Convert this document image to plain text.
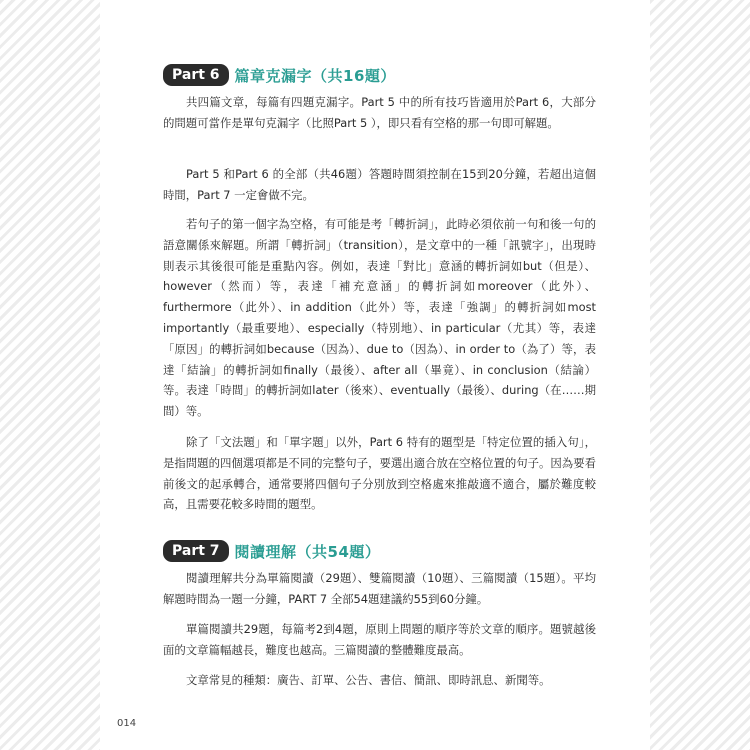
Part 6	篇章克漏字（共16題）

共四篇文章，每篇有四題克漏字。Part 5 中的所有技巧皆適用於Part 6，大部分的問題可當作是單句克漏字（比照Part 5 ），即只看有空格的那一句即可解題。

Part 5 和Part 6 的全部（共46題）答題時間須控制在15到20分鐘，若超出這個時間，Part 7 一定會做不完。

若句子的第一個字為空格，有可能是考「轉折詞」，此時必須依前一句和後一句的語意關係來解題。所謂「轉折詞」（transition），是文章中的一種「訊號字」，出現時則表示其後很可能是重點內容。例如，表達「對比」意涵的轉折詞如but（但是）、however（然而）等，表達「補充意涵」的轉折詞如moreover（此外）、furthermore（此外）、in addition（此外）等，表達「強調」的轉折詞如most importantly（最重要地）、especially（特別地）、in particular（尤其）等，表達「原因」的轉折詞如because（因為）、due to（因為）、in order to（為了）等，表達「結論」的轉折詞如finally（最後）、after all（畢竟）、in conclusion（結論）等。表達「時間」的轉折詞如later（後來）、eventually（最後）、during（在……期間）等。

除了「文法題」和「單字題」以外，Part 6 特有的題型是「特定位置的插入句」，是指問題的四個選項都是不同的完整句子，要選出適合放在空格位置的句子。因為要看前後文的起承轉合，通常要將四個句子分別放到空格處來推敲適不適合，屬於難度較高，且需要花較多時間的題型。

Part 7	閱讀理解（共54題）

閱讀理解共分為單篇閱讀（29題）、雙篇閱讀（10題）、三篇閱讀（15題）。平均解題時間為一題一分鐘，PART 7 全部54題建議約55到60分鐘。

單篇閱讀共29題，每篇考2到4題，原則上問題的順序等於文章的順序。題號越後面的文章篇幅越長，難度也越高。三篇閱讀的整體難度最高。

文章常見的種類：廣告、訂單、公告、書信、簡訊、即時訊息、新聞等。

014
